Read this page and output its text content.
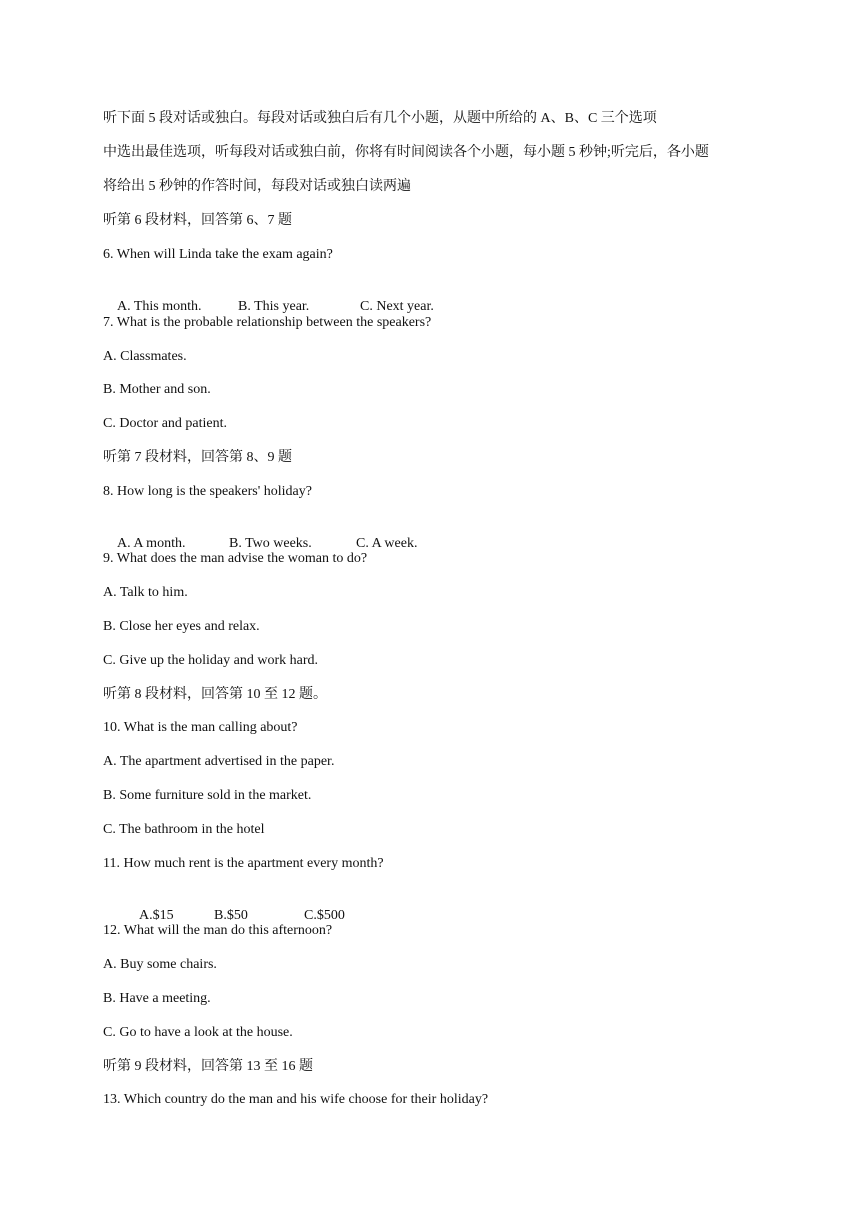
听下面 5 段对话或独白。每段对话或独白后有几个小题，从题中所给的 A、B、C 三个选项
中选出最佳选项，听每段对话或独白前，你将有时间阅读各个小题，每小题 5 秒钟;听完后，各小题
将给出 5 秒钟的作答时间，每段对话或独白读两遍
听第 6 段材料，回答第 6、7 题
6. When will Linda take the exam again?

A. This month.	B. This year.	C. Next year.

7. What is the probable relationship between the speakers?
A. Classmates.
B. Mother and son.
C. Doctor and patient.
听第 7 段材料，回答第 8、9 题
8. How long is the speakers' holiday?

A. A month.	B. Two weeks.	C. A week.

9. What does the man advise the woman to do?
A. Talk to him.
B. Close her eyes and relax.
C. Give up the holiday and work hard.
听第 8 段材料，回答第 10 至 12 题。
10. What is the man calling about?
A. The apartment advertised in the paper.
B. Some furniture sold in the market.
C. The bathroom in the hotel
11. How much rent is the apartment every month?

A.$15	B.$50	C.$500

12. What will the man do this afternoon?
A. Buy some chairs.
B. Have a meeting.
C. Go to have a look at the house.
听第 9 段材料，回答第 13 至 16 题
13. Which country do the man and his wife choose for their holiday?
